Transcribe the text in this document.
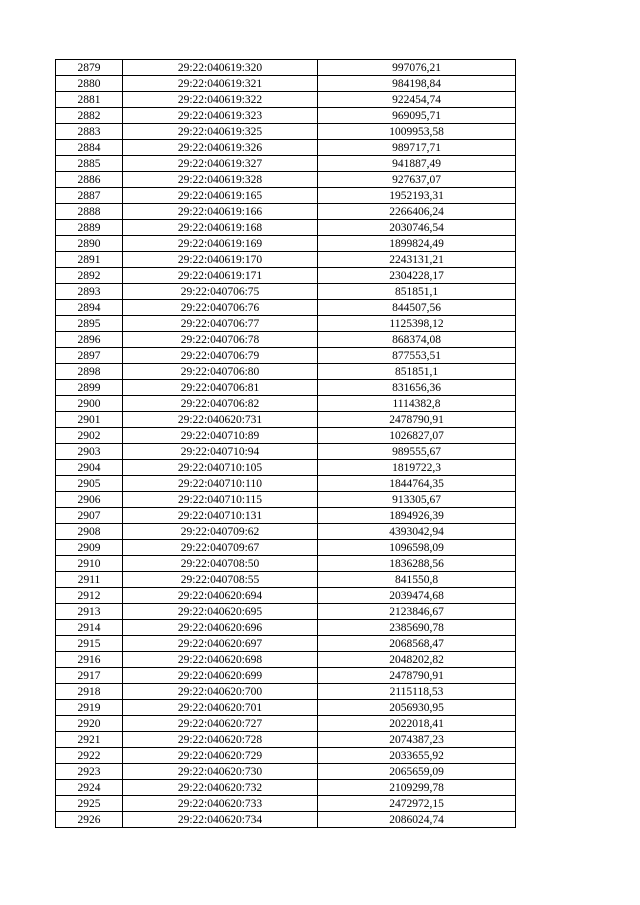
2879	29:22:040619:320	997076,21
2880	29:22:040619:321	984198,84
2881	29:22:040619:322	922454,74
2882	29:22:040619:323	969095,71
2883	29:22:040619:325	1009953,58
2884	29:22:040619:326	989717,71
2885	29:22:040619:327	941887,49
2886	29:22:040619:328	927637,07
2887	29:22:040619:165	1952193,31
2888	29:22:040619:166	2266406,24
2889	29:22:040619:168	2030746,54
2890	29:22:040619:169	1899824,49
2891	29:22:040619:170	2243131,21
2892	29:22:040619:171	2304228,17
2893	29:22:040706:75	851851,1
2894	29:22:040706:76	844507,56
2895	29:22:040706:77	1125398,12
2896	29:22:040706:78	868374,08
2897	29:22:040706:79	877553,51
2898	29:22:040706:80	851851,1
2899	29:22:040706:81	831656,36
2900	29:22:040706:82	1114382,8
2901	29:22:040620:731	2478790,91
2902	29:22:040710:89	1026827,07
2903	29:22:040710:94	989555,67
2904	29:22:040710:105	1819722,3
2905	29:22:040710:110	1844764,35
2906	29:22:040710:115	913305,67
2907	29:22:040710:131	1894926,39
2908	29:22:040709:62	4393042,94
2909	29:22:040709:67	1096598,09
2910	29:22:040708:50	1836288,56
2911	29:22:040708:55	841550,8
2912	29:22:040620:694	2039474,68
2913	29:22:040620:695	2123846,67
2914	29:22:040620:696	2385690,78
2915	29:22:040620:697	2068568,47
2916	29:22:040620:698	2048202,82
2917	29:22:040620:699	2478790,91
2918	29:22:040620:700	2115118,53
2919	29:22:040620:701	2056930,95
2920	29:22:040620:727	2022018,41
2921	29:22:040620:728	2074387,23
2922	29:22:040620:729	2033655,92
2923	29:22:040620:730	2065659,09
2924	29:22:040620:732	2109299,78
2925	29:22:040620:733	2472972,15
2926	29:22:040620:734	2086024,74
